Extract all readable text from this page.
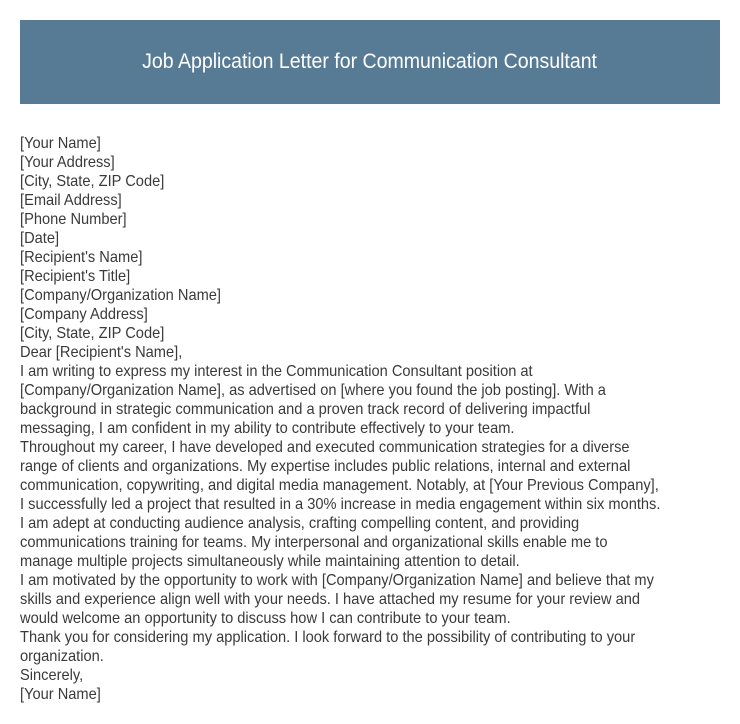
Job Application Letter for Communication Consultant
[Your Name]
[Your Address]
[City, State, ZIP Code]
[Email Address]
[Phone Number]
[Date]
[Recipient's Name]
[Recipient's Title]
[Company/Organization Name]
[Company Address]
[City, State, ZIP Code]
Dear [Recipient's Name],
I am writing to express my interest in the Communication Consultant position at
[Company/Organization Name], as advertised on [where you found the job posting]. With a
background in strategic communication and a proven track record of delivering impactful
messaging, I am confident in my ability to contribute effectively to your team.
Throughout my career, I have developed and executed communication strategies for a diverse
range of clients and organizations. My expertise includes public relations, internal and external
communication, copywriting, and digital media management. Notably, at [Your Previous Company],
I successfully led a project that resulted in a 30% increase in media engagement within six months.
I am adept at conducting audience analysis, crafting compelling content, and providing
communications training for teams. My interpersonal and organizational skills enable me to
manage multiple projects simultaneously while maintaining attention to detail.
I am motivated by the opportunity to work with [Company/Organization Name] and believe that my
skills and experience align well with your needs. I have attached my resume for your review and
would welcome an opportunity to discuss how I can contribute to your team.
Thank you for considering my application. I look forward to the possibility of contributing to your
organization.
Sincerely,
[Your Name]
